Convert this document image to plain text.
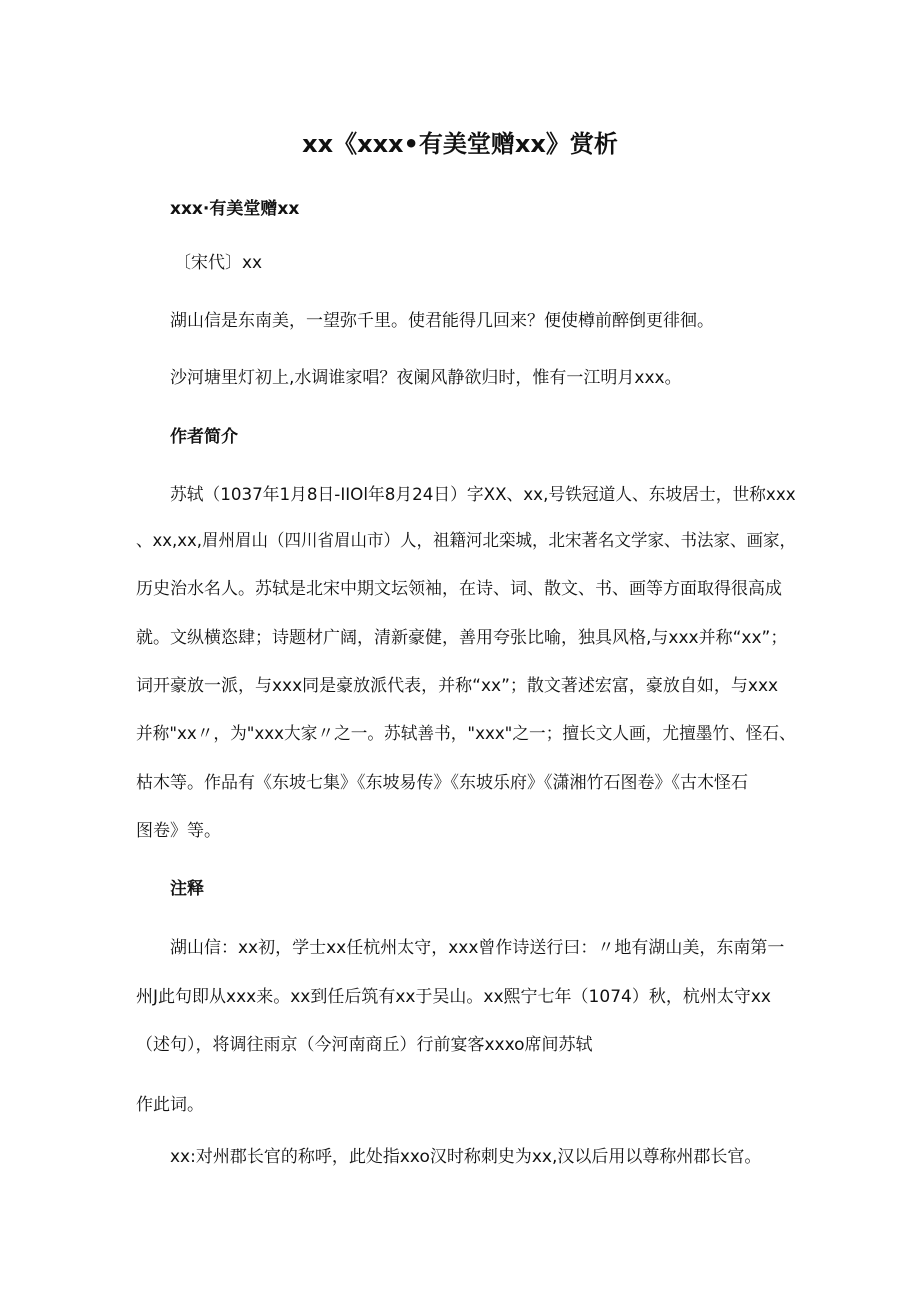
xx《xxx•有美堂赠xx》赏析
xxx·有美堂赠xx
〔宋代〕xx
湖山信是东南美，一望弥千里。使君能得几回来？便使樽前醉倒更徘徊。
沙河塘里灯初上,水调谁家唱？夜阑风静欲归时，惟有一江明月xxx。
作者简介
苏轼（1037年1月8日-IIOl年8月24日）字XX、xx,号铁冠道人、东坡居士，世称xxx
、xx,xx,眉州眉山（四川省眉山市）人，祖籍河北栾城，北宋著名文学家、书法家、画家，
历史治水名人。苏轼是北宋中期文坛领袖，在诗、词、散文、书、画等方面取得很高成
就。文纵横恣肆；诗题材广阔，清新豪健，善用夸张比喻，独具风格,与xxx并称“xx”；
词开豪放一派，与xxx同是豪放派代表，并称“xx”；散文著述宏富，豪放自如，与xxx
并称"xx〃，为"xxx大家〃之一。苏轼善书，"xxx"之一；擅长文人画，尤擅墨竹、怪石、
枯木等。作品有《东坡七集》《东坡易传》《东坡乐府》《潇湘竹石图卷》《古木怪石
图卷》等。
注释
湖山信：xx初，学士xx任杭州太守，xxx曾作诗送行曰：〃地有湖山美，东南第一
州J此句即从xxx来。xx到任后筑有xx于吴山。xx熙宁七年（1074）秋，杭州太守xx
（述句），将调往雨京（今河南商丘）行前宴客xxxo席间苏轼
作此词。
xx:对州郡长官的称呼，此处指xxo汉时称刺史为xx,汉以后用以尊称州郡长官。
